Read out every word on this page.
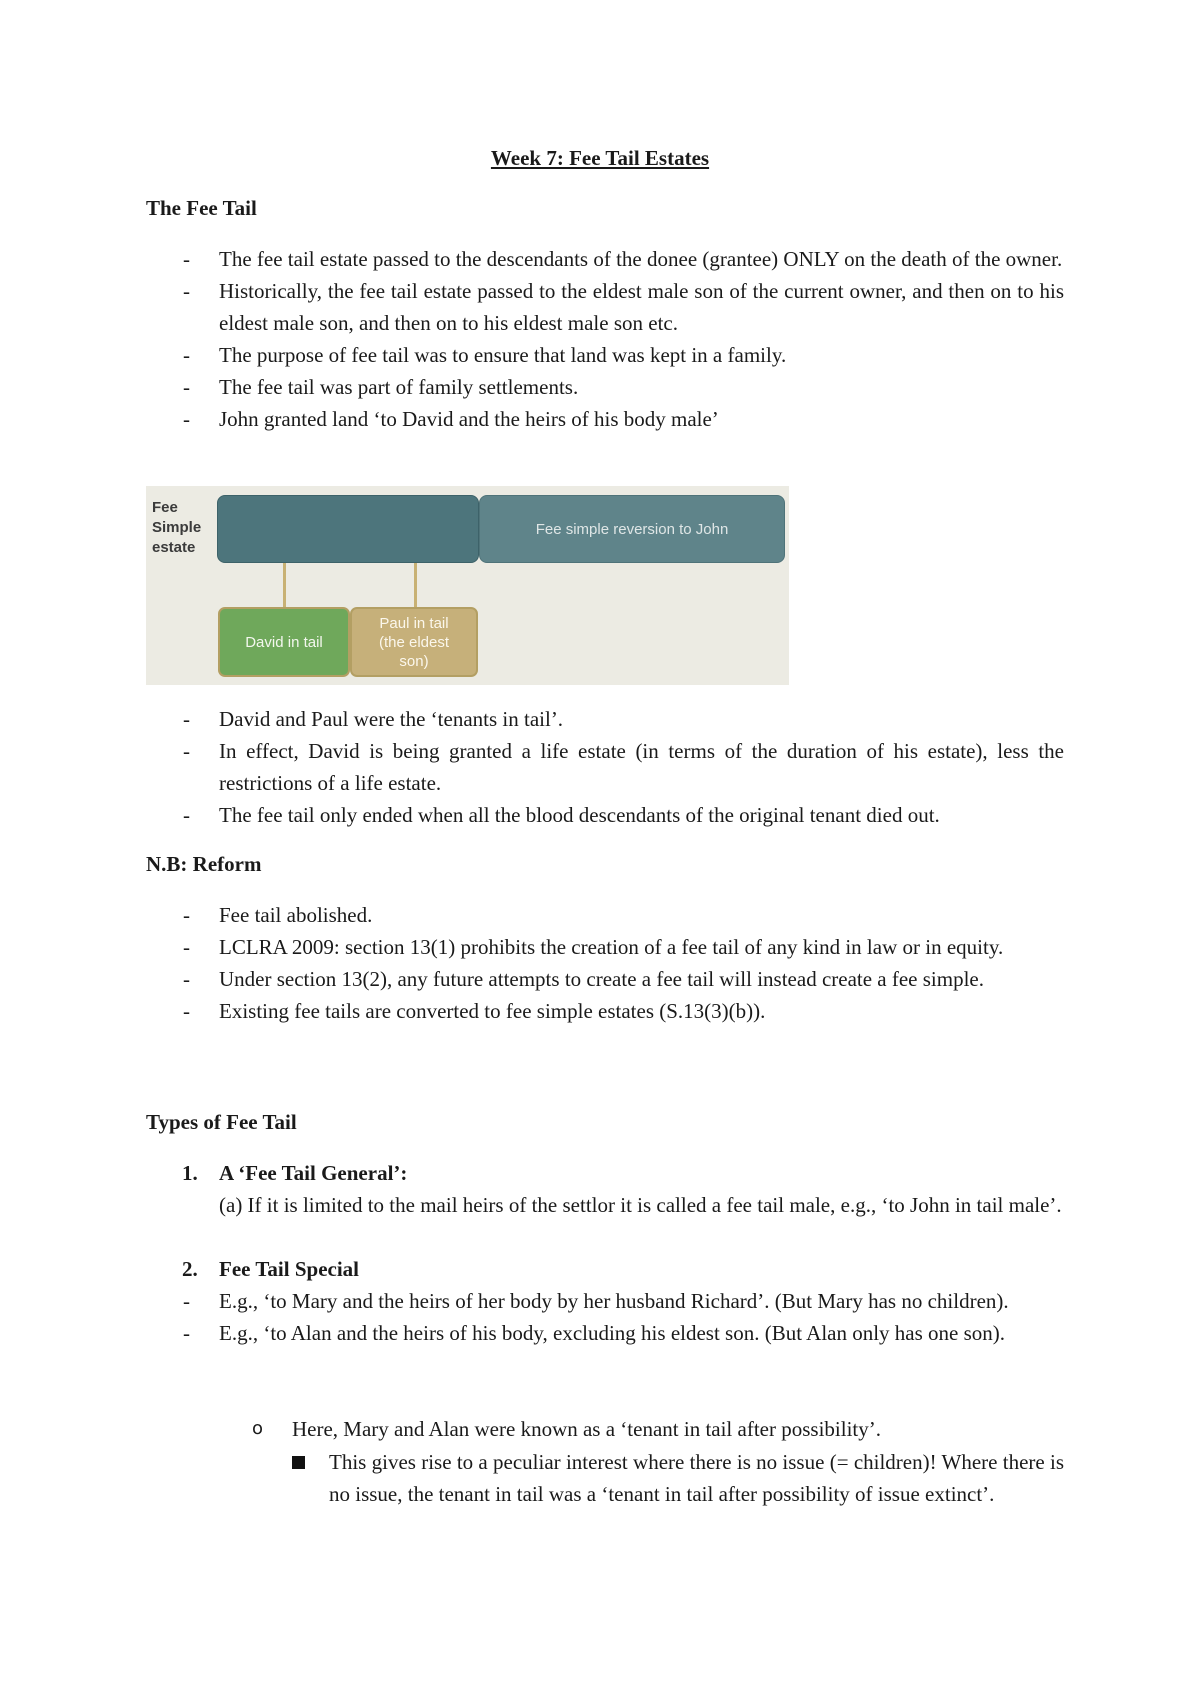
Week 7: Fee Tail Estates
The Fee Tail
- The fee tail estate passed to the descendants of the donee (grantee) ONLY on the death of the owner.
- Historically, the fee tail estate passed to the eldest male son of the current owner, and then on to his eldest male son, and then on to his eldest male son etc.
- The purpose of fee tail was to ensure that land was kept in a family.
- The fee tail was part of family settlements.
- John granted land ‘to David and the heirs of his body male’
Fee
Simple
estate
Fee simple reversion to John
David in tail
Paul in tail
(the eldest
son)
- David and Paul were the ‘tenants in tail’.
- In effect, David is being granted a life estate (in terms of the duration of his estate), less the restrictions of a life estate.
- The fee tail only ended when all the blood descendants of the original tenant died out.
N.B: Reform
- Fee tail abolished.
- LCLRA 2009: section 13(1) prohibits the creation of a fee tail of any kind in law or in equity.
- Under section 13(2), any future attempts to create a fee tail will instead create a fee simple.
- Existing fee tails are converted to fee simple estates (S.13(3)(b)).
Types of Fee Tail
1. A ‘Fee Tail General’:
(a) If it is limited to the mail heirs of the settlor it is called a fee tail male, e.g., ‘to John in tail male’.
2. Fee Tail Special
- E.g., ‘to Mary and the heirs of her body by her husband Richard’. (But Mary has no children).
- E.g., ‘to Alan and the heirs of his body, excluding his eldest son. (But Alan only has one son).
o Here, Mary and Alan were known as a ‘tenant in tail after possibility’.
This gives rise to a peculiar interest where there is no issue (= children)! Where there is no issue, the tenant in tail was a ‘tenant in tail after possibility of issue extinct’.
